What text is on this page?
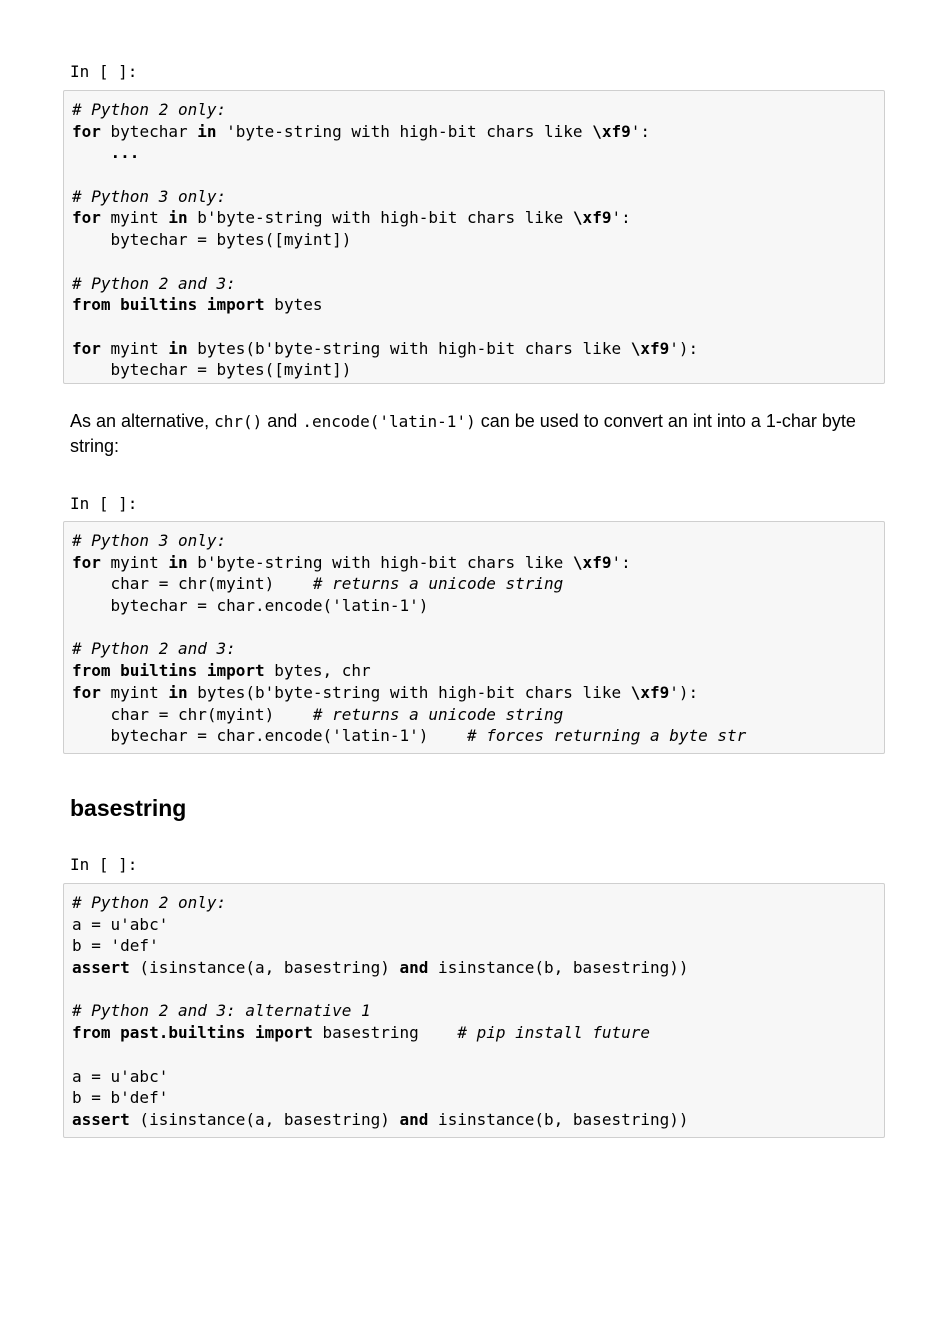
In [ ]:
# Python 2 only:
for bytechar in 'byte-string with high-bit chars like \xf9':
...
# Python 3 only:
for myint in b'byte-string with high-bit chars like \xf9':
bytechar = bytes([myint])
# Python 2 and 3:
from builtins import bytes
for myint in bytes(b'byte-string with high-bit chars like \xf9'):
bytechar = bytes([myint])
As an alternative, chr() and .encode('latin-1') can be used to convert an int into a 1-char byte string:
In [ ]:
# Python 3 only:
for myint in b'byte-string with high-bit chars like \xf9':
char = chr(myint)    # returns a unicode string
bytechar = char.encode('latin-1')
# Python 2 and 3:
from builtins import bytes, chr
for myint in bytes(b'byte-string with high-bit chars like \xf9'):
char = chr(myint)    # returns a unicode string
bytechar = char.encode('latin-1')    # forces returning a byte str
basestring
In [ ]:
# Python 2 only:
a = u'abc'
b = 'def'
assert (isinstance(a, basestring) and isinstance(b, basestring))
# Python 2 and 3: alternative 1
from past.builtins import basestring    # pip install future
a = u'abc'
b = b'def'
assert (isinstance(a, basestring) and isinstance(b, basestring))
